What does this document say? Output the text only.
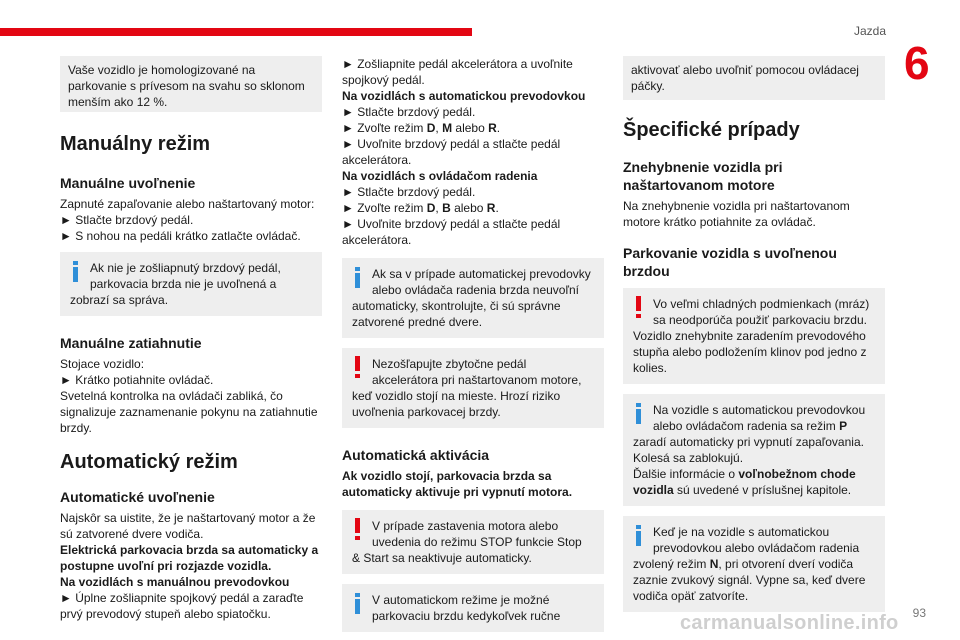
Jazda
6

Vaše vozidlo je homologizované na parkovanie s prívesom na svahu so sklonom menším ako 12 %.

Manuálny režim
Manuálne uvoľnenie

Zapnuté zapaľovanie alebo naštartovaný motor:

► Stlačte brzdový pedál.

► S nohou na pedáli krátko zatlačte ovládač.

Ak nie je zošliapnutý brzdový pedál,

parkovacia brzda nie je uvoľnená a

zobrazí sa správa.

Manuálne zatiahnutie

Stojace vozidlo:

► Krátko potiahnite ovládač.

Svetelná kontrolka na ovládači zabliká, čo signalizuje zaznamenanie pokynu na zatiahnutie brzdy.

Automatický režim
Automatické uvoľnenie

Najskôr sa uistite, že je naštartovaný motor a že sú zatvorené dvere vodiča.

Elektrická parkovacia brzda sa automaticky a postupne uvoľní pri rozjazde vozidla.

Na vozidlách s manuálnou prevodovkou

► Úplne zošliapnite spojkový pedál a zaraďte prvý prevodový stupeň alebo spiatočku.

► Zošliapnite pedál akcelerátora a uvoľnite spojkový pedál.

Na vozidlách s automatickou prevodovkou

► Stlačte brzdový pedál.

► Zvoľte režim D, M alebo R.

► Uvoľnite brzdový pedál a stlačte pedál akcelerátora.

Na vozidlách s ovládačom radenia

► Stlačte brzdový pedál.

► Zvoľte režim D, B alebo R.

► Uvoľnite brzdový pedál a stlačte pedál akcelerátora.

Ak sa v prípade automatickej prevodovky

alebo ovládača radenia brzda neuvoľní

automaticky, skontrolujte, či sú správne zatvorené predné dvere.

Nezošľapujte zbytočne pedál

akcelerátora pri naštartovanom motore,

keď vozidlo stojí na mieste. Hrozí riziko uvoľnenia parkovacej brzdy.

Automatická aktivácia

Ak vozidlo stojí, parkovacia brzda sa automaticky aktivuje pri vypnutí motora.

V prípade zastavenia motora alebo

uvedenia do režimu STOP funkcie Stop

& Start sa neaktivuje automaticky.

V automatickom režime je možné

parkovaciu brzdu kedykoľvek ručne

aktivovať alebo uvoľniť pomocou ovládacej páčky.

Špecifické prípady
Znehybnenie vozidla pri naštartovanom motore

Na znehybnenie vozidla pri naštartovanom motore krátko potiahnite za ovládač.

Parkovanie vozidla s uvoľnenou brzdou

Vo veľmi chladných podmienkach (mráz)

sa neodporúča použiť parkovaciu brzdu.

Vozidlo znehybnite zaradením prevodového stupňa alebo podložením klinov pod jedno z kolies.

Na vozidle s automatickou prevodovkou

alebo ovládačom radenia sa režim P

zaradí automaticky pri vypnutí zapaľovania. Kolesá sa zablokujú.

Ďalšie informácie o voľnobežnom chode vozidla sú uvedené v príslušnej kapitole.

Keď je na vozidle s automatickou

prevodovkou alebo ovládačom radenia

zvolený režim N, pri otvorení dverí vodiča zaznie zvukový signál. Vypne sa, keď dvere vodiča opäť zatvoríte.

carmanualsonline.info 93
